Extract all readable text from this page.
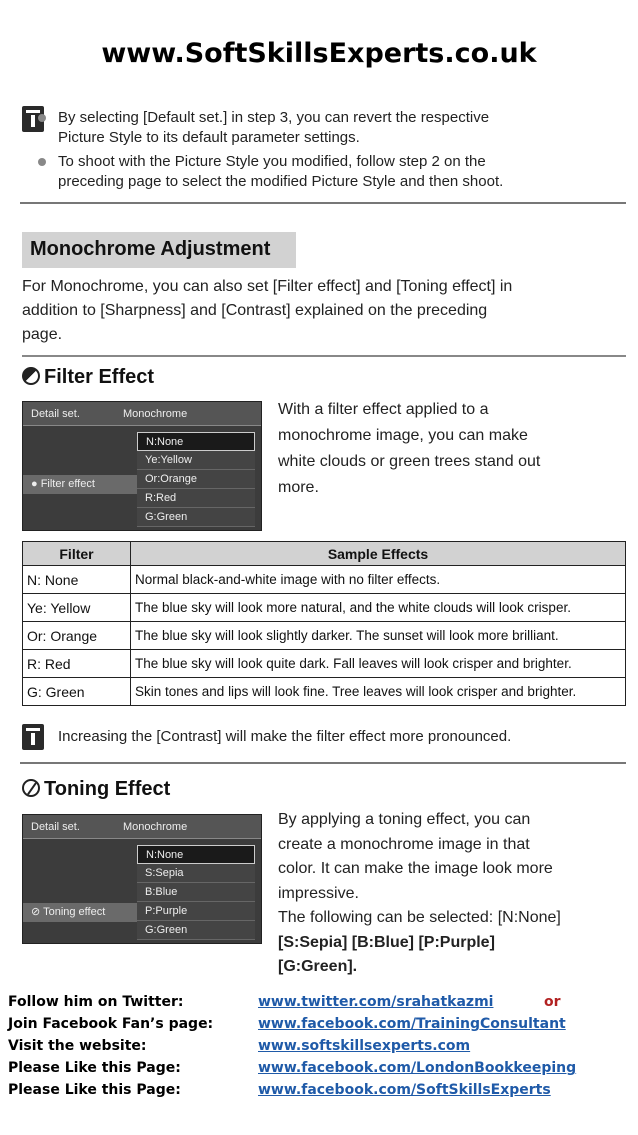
www.SoftSkillsExperts.co.uk
By selecting [Default set.] in step 3, you can revert the respective
Picture Style to its default parameter settings.
To shoot with the Picture Style you modified, follow step 2 on the
preceding page to select the modified Picture Style and then shoot.
Monochrome Adjustment
For Monochrome, you can also set [Filter effect] and [Toning effect] in
addition to [Sharpness] and [Contrast] explained on the preceding
page.
Filter Effect
Detail set.	Monochrome
● Filter effect
N:None
Ye:Yellow
Or:Orange
R:Red
G:Green
With a filter effect applied to a
monochrome image, you can make
white clouds or green trees stand out
more.
Filter	Sample Effects
N: None	Normal black-and-white image with no filter effects.
Ye: Yellow	The blue sky will look more natural, and the white clouds will look crisper.
Or: Orange	The blue sky will look slightly darker. The sunset will look more brilliant.
R: Red	The blue sky will look quite dark. Fall leaves will look crisper and brighter.
G: Green	Skin tones and lips will look fine. Tree leaves will look crisper and brighter.
Increasing the [Contrast] will make the filter effect more pronounced.
Toning Effect
Detail set.	Monochrome
⊘ Toning effect
N:None
S:Sepia
B:Blue
P:Purple
G:Green
By applying a toning effect, you can
create a monochrome image in that
color. It can make the image look more
impressive.
The following can be selected: [N:None]
[S:Sepia] [B:Blue] [P:Purple]
[G:Green].
Follow him on Twitter:	www.twitter.com/srahatkazmi	or
Join Facebook Fan’s page:	www.facebook.com/TrainingConsultant
Visit the website:	www.softskillsexperts.com
Please Like this Page:	www.facebook.com/LondonBookkeeping
Please Like this Page:	www.facebook.com/SoftSkillsExperts
